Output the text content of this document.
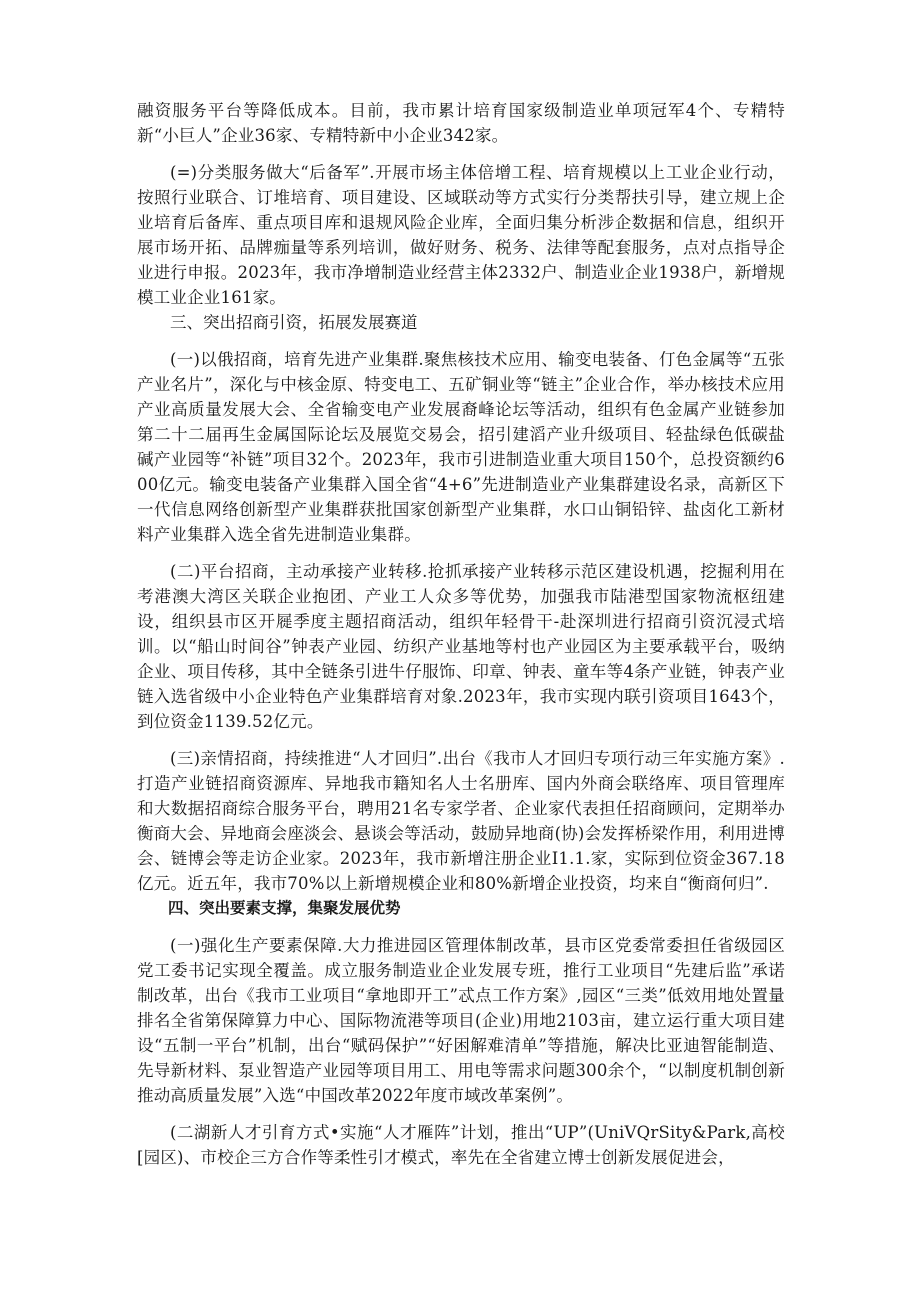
融资服务平台等降低成本。目前，我市累计培育国家级制造业单项冠军4个、专精特新“小巨人”企业36家、专精特新中小企业342家。

(=)分类服务做大“后备军”.开展市场主体倍增工程、培育规模以上工业企业行动，按照行业联合、订堆培育、项目建设、区域联动等方式实行分类帮扶引导，建立规上企业培育后备库、重点项目库和退规风险企业库，全面归集分析涉企数据和信息，组织开展市场开拓、品牌痂量等系列培训，做好财务、税务、法律等配套服务，点对点指导企业进行申报。2023年，我市净增制造业经营主体2332户、制造业企业1938户，新增规模工业企业161家。

三、突出招商引资，拓展发展赛道

(一)以俄招商，培育先进产业集群.聚焦核技术应用、输变电装备、仃色金属等“五张产业名片”，深化与中核金原、特变电工、五矿铜业等“链主”企业合作，举办核技术应用产业高质量发展大会、全省输变电产业发展裔峰论坛等活动，组织有色金属产业链参加第二十二届再生金属国际论坛及展览交易会，招引建滔产业升级项目、轻盐绿色低碳盐碱产业园等“补链”项目32个。2023年，我市引进制造业重大项目150个，总投资额约600亿元。输变电装备产业集群入国全省“4+6”先进制造业产业集群建设名录，高新区下一代信息网络创新型产业集群获批国家创新型产业集群，水口山铜铅锌、盐卤化工新材料产业集群入选全省先进制造业集群。

(二)平台招商，主动承接产业转移.抢抓承接产业转移示范区建设机遇，挖掘利用在考港澳大湾区关联企业抱团、产业工人众多等优势，加强我市陆港型国家物流枢纽建设，组织县市区开屣季度主题招商活动，组织年轻骨干-赴深圳进行招商引资沉浸式培训。以“船山时间谷”钟表产业园、纺织产业基地等村也产业园区为主要承载平台，吸纳企业、项目传移，其中全链条引进牛仔服饰、印章、钟表、童车等4条产业链，钟表产业链入选省级中小企业特色产业集群培育对象.2023年，我市实现内联引资项目1643个，到位资金1139.52亿元。

(三)亲情招商，持续推进“人才回归”.出台《我市人才回归专项行动三年实施方案》.打造产业链招商资源库、异地我市籍知名人士名册库、国内外商会联络库、项目管理库和大数据招商综合服务平台，聘用21名专家学者、企业家代表担任招商顾问，定期举办衡商大会、异地商会座淡会、悬谈会等活动，鼓励异地商(协)会发挥桥梁作用，利用进博会、链博会等走访企业家。2023年，我市新增注册企业I1.1.家，实际到位资金367.18亿元。近五年，我市70%以上新增规模企业和80%新增企业投资，均来自“衡商何归”.

四、突出要素支撑，集聚发展优势

(一)强化生产要素保障.大力推进园区管理体制改革，县市区党委常委担任省级园区党工委书记实现全覆盖。成立服务制造业企业发展专班，推行工业项目“先建后监”承诺制改革，出台《我市工业项目“拿地即开工”忒点工作方案》,园区“三类”低效用地处置量排名全省第保障算力中心、国际物流港等项目(企业)用地2103亩，建立运行重大项目建设“五制一平台”机制，出台“赋码保护”“好困解难清单”等措施，解决比亚迪智能制造、先导新材料、泵业智造产业园等项目用工、用电等需求问题300余个，“以制度机制创新推动高质量发展”入选“中国改革2022年度市域改革案例”。

(二湖新人才引育方式•实施“人才雁阵”计划，推出“UP”(UniVQrSity&Park,高校[园区)、市校企三方合作等柔性引才模式，率先在全省建立博士创新发展促进会，
